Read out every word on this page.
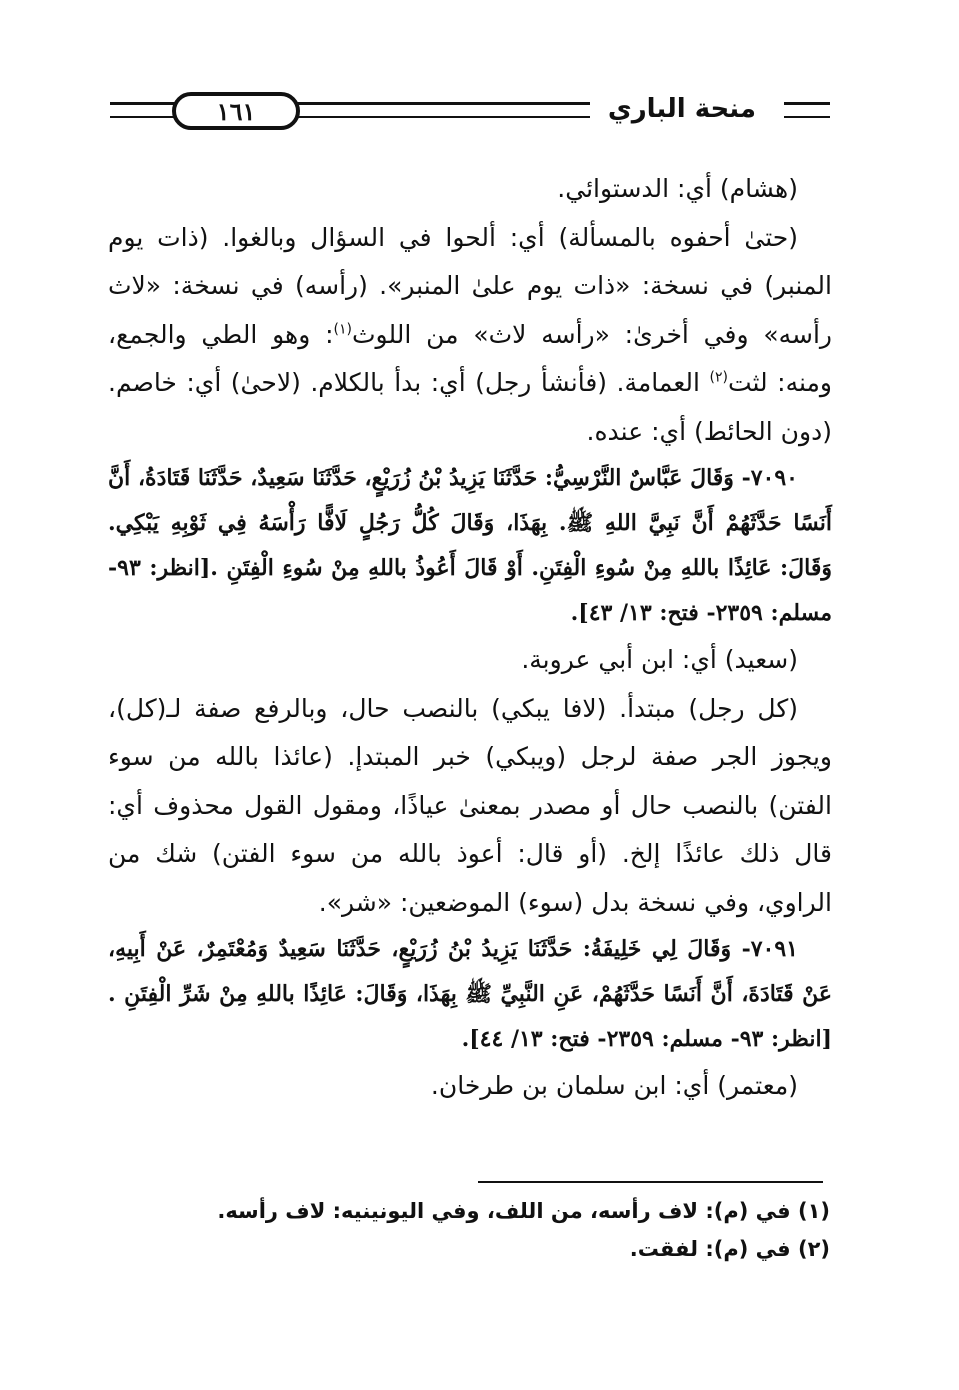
١٦١	منحة الباري

(هشام) أي: الدستوائي.

(حتىٰ أحفوه بالمسألة) أي: ألحوا في السؤال وبالغوا. (ذات يوم المنبر) في نسخة: «ذات يوم علىٰ المنبر». (رأسه) في نسخة: «لاث رأسه» وفي أخرىٰ: «رأسه لاث» من اللوث$^{(١)}$: وهو الطي والجمع، ومنه: لثت$^{(٢)}$ العمامة. (فأنشأ رجل) أي: بدأ بالكلام. (لاحىٰ) أي: خاصم. (دون الحائط) أي: عنده.

٧٠٩٠- وَقَالَ عَبَّاسٌ النَّرْسِيُّ: حَدَّثَنَا يَزِيدُ بْنُ زُرَيْعٍ، حَدَّثَنَا سَعِيدٌ، حَدَّثَنَا قَتَادَةُ، أَنَّ أَنَسًا حَدَّثَهُمْ أَنَّ نَبِيَّ اللهِ ﷺ. بِهَذَا، وَقَالَ كُلُّ رَجُلٍ لَافًّا رَأْسَهُ فِي ثَوْبِهِ يَبْكِي. وَقَالَ: عَائِذًا باللهِ مِنْ سُوءِ الْفِتَنِ. أَوْ قَالَ أَعُوذُ باللهِ مِنْ سُوءِ الْفِتَنِ .[انظر: ٩٣- مسلم: ٢٣٥٩- فتح: ١٣/ ٤٣].

(سعيد) أي: ابن أبي عروبة.

(كل رجل) مبتدأ. (لافا يبكي) بالنصب حال، وبالرفع صفة لـ(كل)، ويجوز الجر صفة لرجل (ويبكي) خبر المبتدإ. (عائذا بالله من سوء الفتن) بالنصب حال أو مصدر بمعنىٰ عياذًا، ومقول القول محذوف أي: قال ذلك عائذًا إلخ. (أو قال: أعوذ بالله من سوء الفتن) شك من الراوي، وفي نسخة بدل (سوء) الموضعين: «شر».

٧٠٩١- وَقَالَ لِي خَلِيفَةُ: حَدَّثَنَا يَزِيدُ بْنُ زُرَيْعٍ، حَدَّثَنَا سَعِيدٌ وَمُعْتَمِرٌ، عَنْ أَبِيهِ، عَنْ قَتَادَةَ، أَنَّ أَنَسًا حَدَّثَهُمْ، عَنِ النَّبِيِّ ﷺ بِهَذَا، وَقَالَ: عَائِذًا باللهِ مِنْ شَرِّ الْفِتَنِ .[انظر: ٩٣- مسلم: ٢٣٥٩- فتح: ١٣/ ٤٤].

(معتمر) أي: ابن سلمان بن طرخان.

(١) في (م): لاف رأسه، من اللف، وفي اليونينيه: لاف رأسه.

(٢) في (م): لفقت.
